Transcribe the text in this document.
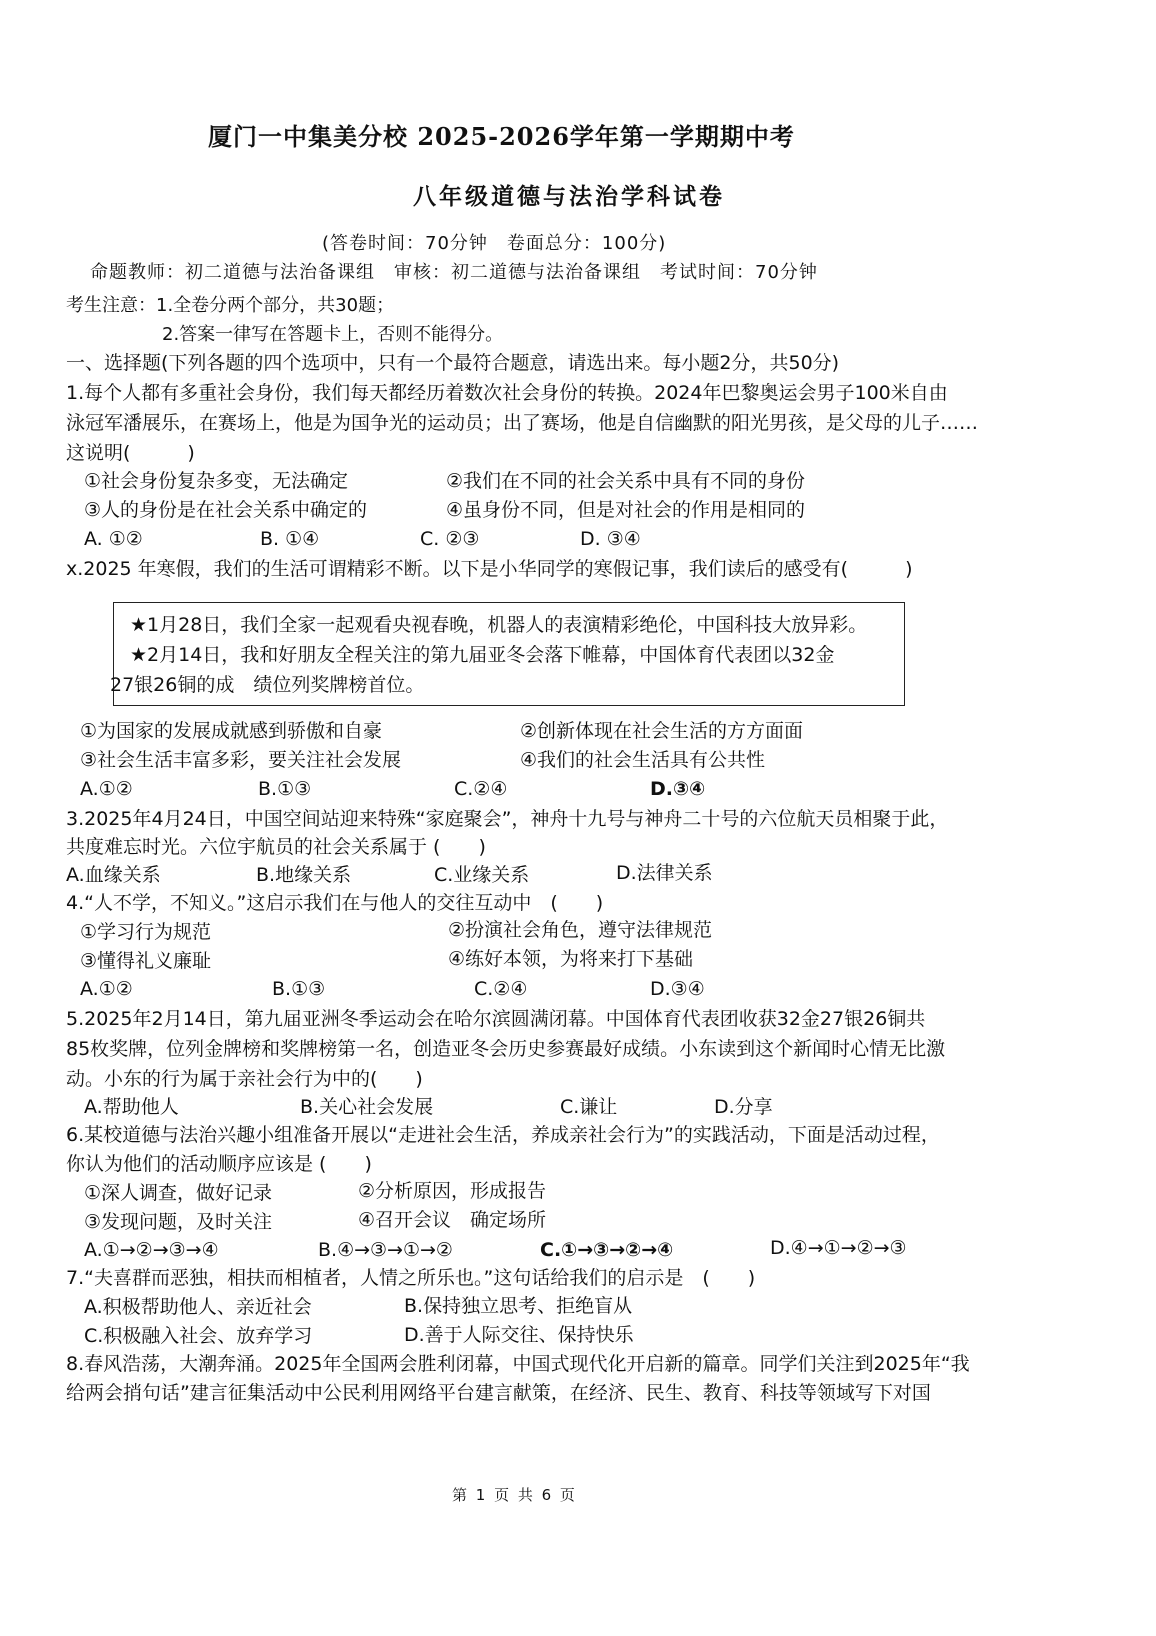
厦门一中集美分校 2025-2026学年第一学期期中考
八年级道德与法治学科试卷
(答卷时间：70分钟　卷面总分：100分)
命题教师：初二道德与法治备课组　审核：初二道德与法治备课组　考试时间：70分钟
考生注意：1.全卷分两个部分，共30题；
2.答案一律写在答题卡上，否则不能得分。
一、选择题(下列各题的四个选项中，只有一个最符合题意，请选出来。每小题2分，共50分)
1.每个人都有多重社会身份，我们每天都经历着数次社会身份的转换。2024年巴黎奥运会男子100米自由
泳冠军潘展乐，在赛场上，他是为国争光的运动员；出了赛场，他是自信幽默的阳光男孩，是父母的儿子……
这说明(　　　)
①社会身份复杂多变，无法确定	②我们在不同的社会关系中具有不同的身份
③人的身份是在社会关系中确定的	④虽身份不同，但是对社会的作用是相同的
A. ①②	B. ①④	C. ②③	D. ③④
x.2025 年寒假，我们的生活可谓精彩不断。以下是小华同学的寒假记事，我们读后的感受有(　　　)
★1月28日，我们全家一起观看央视春晚，机器人的表演精彩绝伦，中国科技大放异彩。
★2月14日，我和好朋友全程关注的第九届亚冬会落下帷幕，中国体育代表团以32金
27银26铜的成　绩位列奖牌榜首位。
①为国家的发展成就感到骄傲和自豪	②创新体现在社会生活的方方面面
③社会生活丰富多彩，要关注社会发展	④我们的社会生活具有公共性
A.①②	B.①③	C.②④	D.③④
3.2025年4月24日，中国空间站迎来特殊“家庭聚会”，神舟十九号与神舟二十号的六位航天员相聚于此，
共度难忘时光。六位宇航员的社会关系属于 (　　)
A.血缘关系	B.地缘关系	C.业缘关系	D.法律关系
4.“人不学，不知义。”这启示我们在与他人的交往互动中　(　　)
①学习行为规范	②扮演社会角色，遵守法律规范
③懂得礼义廉耻	④练好本领，为将来打下基础
A.①②	B.①③	C.②④	D.③④
5.2025年2月14日，第九届亚洲冬季运动会在哈尔滨圆满闭幕。中国体育代表团收获32金27银26铜共
85枚奖牌，位列金牌榜和奖牌榜第一名，创造亚冬会历史参赛最好成绩。小东读到这个新闻时心情无比激
动。小东的行为属于亲社会行为中的(　　)
A.帮助他人	B.关心社会发展	C.谦让	D.分享
6.某校道德与法治兴趣小组准备开展以“走进社会生活，养成亲社会行为”的实践活动，下面是活动过程，
你认为他们的活动顺序应该是 (　　)
①深人调查，做好记录	②分析原因，形成报告
③发现问题，及时关注	④召开会议　确定场所
A.①→②→③→④	B.④→③→①→②	C.①→③→②→④	D.④→①→②→③
7.“夫喜群而恶独，相扶而相植者，人情之所乐也。”这句话给我们的启示是　(　　)
A.积极帮助他人、亲近社会	B.保持独立思考、拒绝盲从
C.积极融入社会、放弃学习	D.善于人际交往、保持快乐
8.春风浩荡，大潮奔涌。2025年全国两会胜利闭幕，中国式现代化开启新的篇章。同学们关注到2025年“我
给两会捎句话”建言征集活动中公民利用网络平台建言献策，在经济、民生、教育、科技等领域写下对国
第 1 页 共 6 页
